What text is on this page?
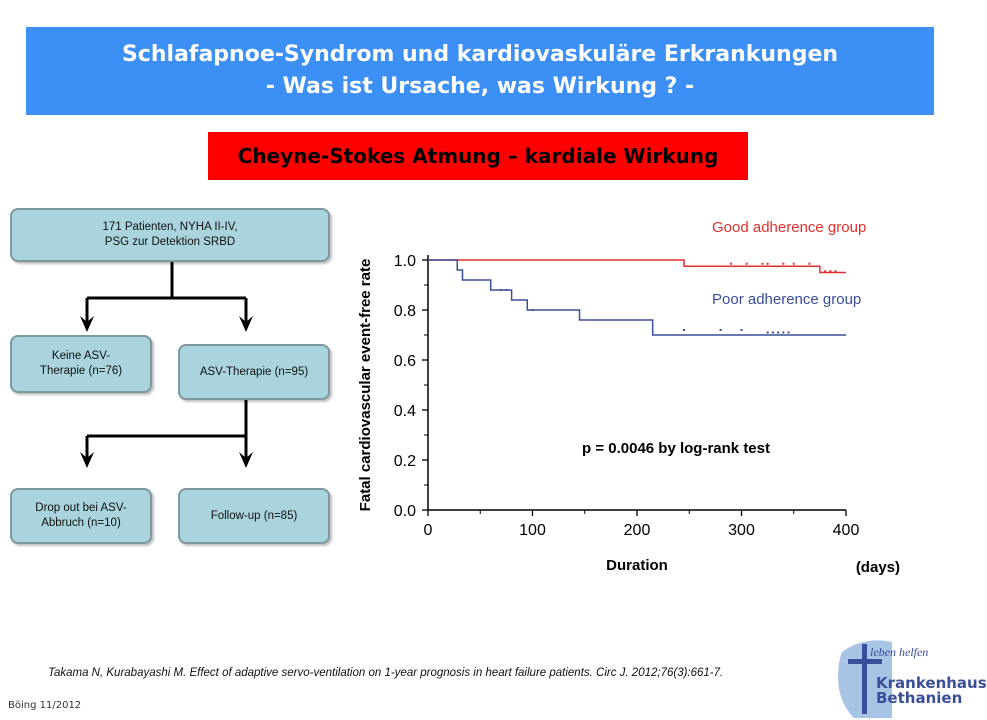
Schlafapnoe-Syndrom und kardiovaskuläre Erkrankungen
- Was ist Ursache, was Wirkung ? -
Cheyne-Stokes Atmung – kardiale Wirkung
171 Patienten, NYHA II-IV,
PSG zur Detektion SRBD
Keine ASV-
Therapie (n=76)	ASV-Therapie (n=95)
Drop out bei ASV-
Abbruch (n=10)
Follow-up (n=85)	0.0
0.2
0.4
0.6
0.8
1.0
0	100	200	300	400
Fatal cardiovascular event-free rate
Duration	(days)
Good adherence group
Poor adherence group
p = 0.0046 by log-rank test
Takama N, Kurabayashi M. Effect of adaptive servo-ventilation on 1-year prognosis in heart failure patients. Circ J. 2012;76(3):661-7.
Böing 11/2012
leben helfen
Krankenhaus
Bethanien
